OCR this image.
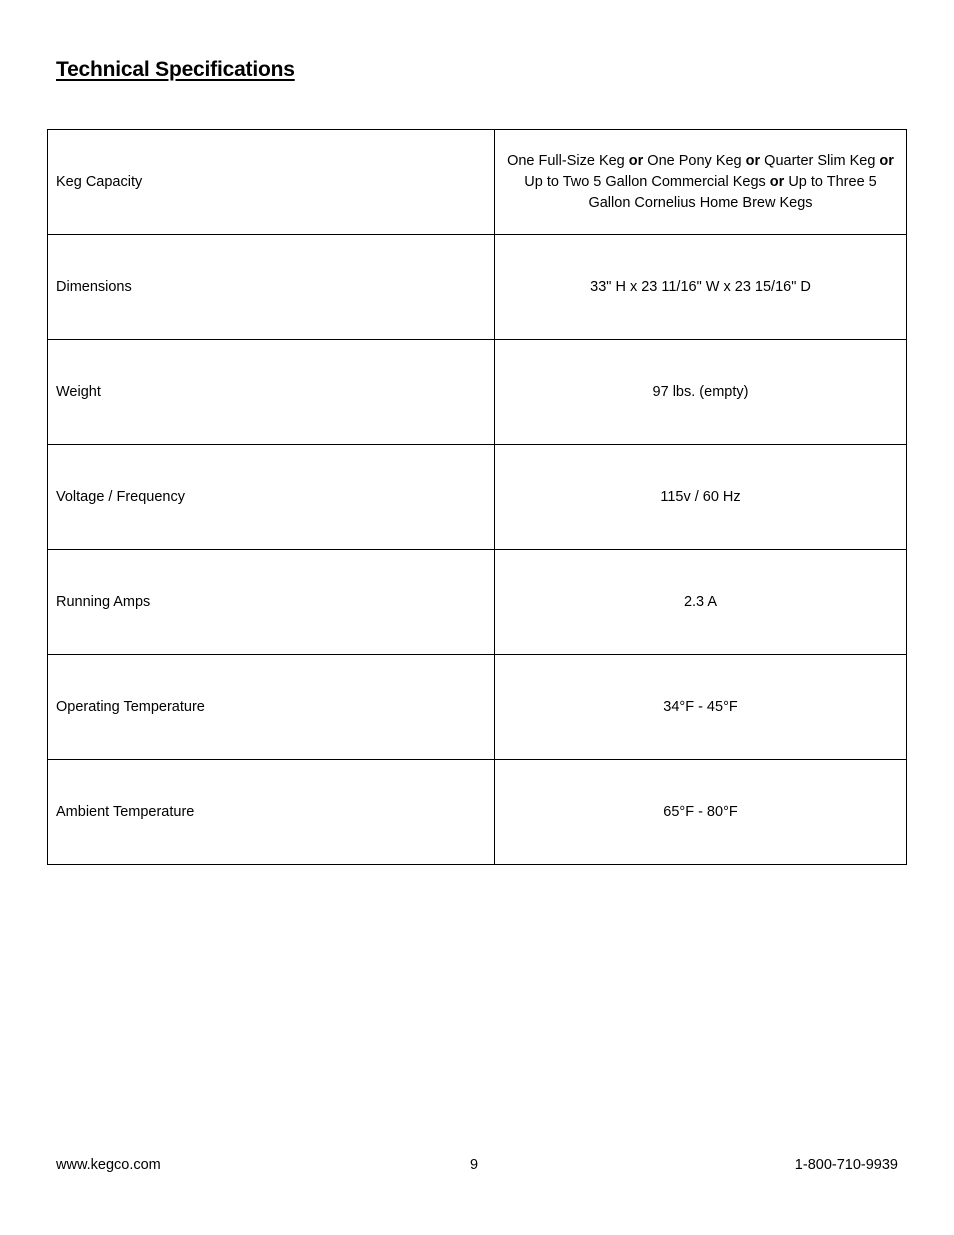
Technical Specifications
Keg Capacity	One Full-Size Keg or One Pony Keg or Quarter Slim Keg or Up to Two 5 Gallon Commercial Kegs or Up to Three 5 Gallon Cornelius Home Brew Kegs
Dimensions	33" H x 23 11/16" W x 23 15/16" D
Weight	97 lbs. (empty)
Voltage / Frequency	115v / 60 Hz
Running Amps	2.3 A
Operating Temperature	34°F - 45°F
Ambient Temperature	65°F - 80°F
www.kegco.com	9	1-800-710-9939
